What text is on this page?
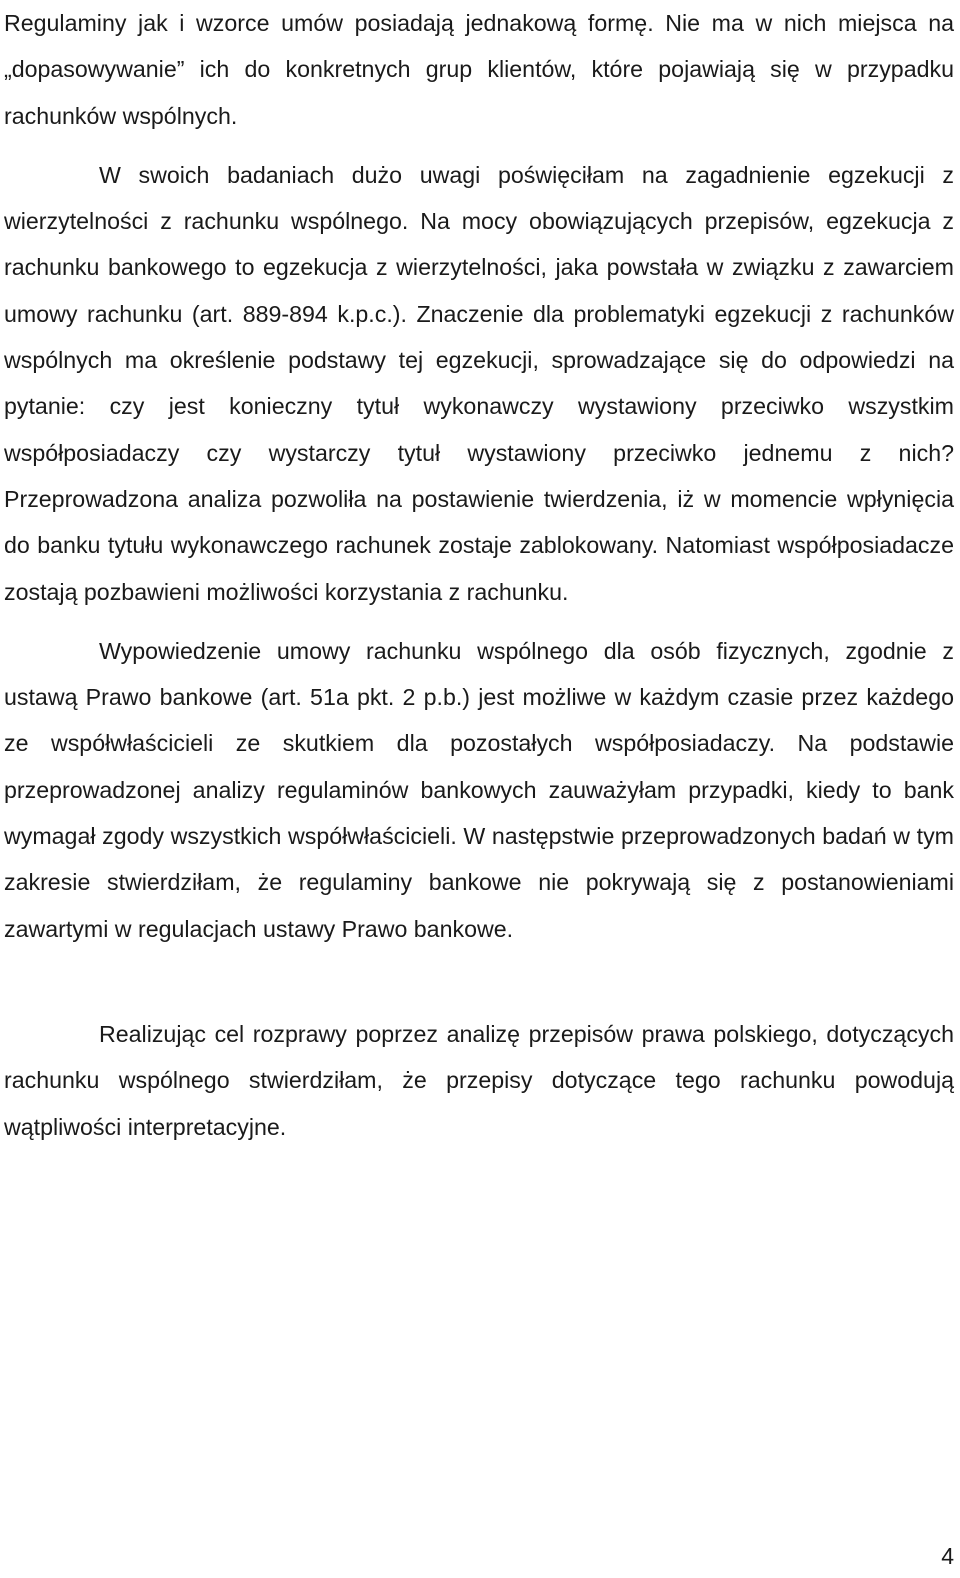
Regulaminy jak i wzorce umów posiadają jednakową formę. Nie ma w nich miejsca na „dopasowywanie” ich do konkretnych grup klientów, które pojawiają się w przypadku rachunków wspólnych.

W swoich badaniach dużo uwagi poświęciłam na zagadnienie egzekucji z wierzytelności z rachunku wspólnego. Na mocy obowiązujących przepisów, egzekucja z rachunku bankowego to egzekucja z wierzytelności, jaka powstała w związku z zawarciem umowy rachunku (art. 889-894 k.p.c.). Znaczenie dla problematyki egzekucji z rachunków wspólnych ma określenie podstawy tej egzekucji, sprowadzające się do odpowiedzi na pytanie: czy jest konieczny tytuł wykonawczy wystawiony przeciwko wszystkim współposiadaczy czy wystarczy tytuł wystawiony przeciwko jednemu z nich? Przeprowadzona analiza pozwoliła na postawienie twierdzenia, iż w momencie wpłynięcia do banku tytułu wykonawczego rachunek zostaje zablokowany. Natomiast współposiadacze zostają pozbawieni możliwości korzystania z rachunku.

Wypowiedzenie umowy rachunku wspólnego dla osób fizycznych, zgodnie z ustawą Prawo bankowe (art. 51a pkt. 2 p.b.) jest możliwe w każdym czasie przez każdego ze współwłaścicieli ze skutkiem dla pozostałych współposiadaczy. Na podstawie przeprowadzonej analizy regulaminów bankowych zauważyłam przypadki, kiedy to bank wymagał zgody wszystkich współwłaścicieli. W następstwie przeprowadzonych badań w tym zakresie stwierdziłam, że regulaminy bankowe nie pokrywają się z postanowieniami zawartymi w regulacjach ustawy Prawo bankowe.

Realizując cel rozprawy poprzez analizę przepisów prawa polskiego, dotyczących rachunku wspólnego stwierdziłam, że przepisy dotyczące tego rachunku powodują wątpliwości interpretacyjne.

4
